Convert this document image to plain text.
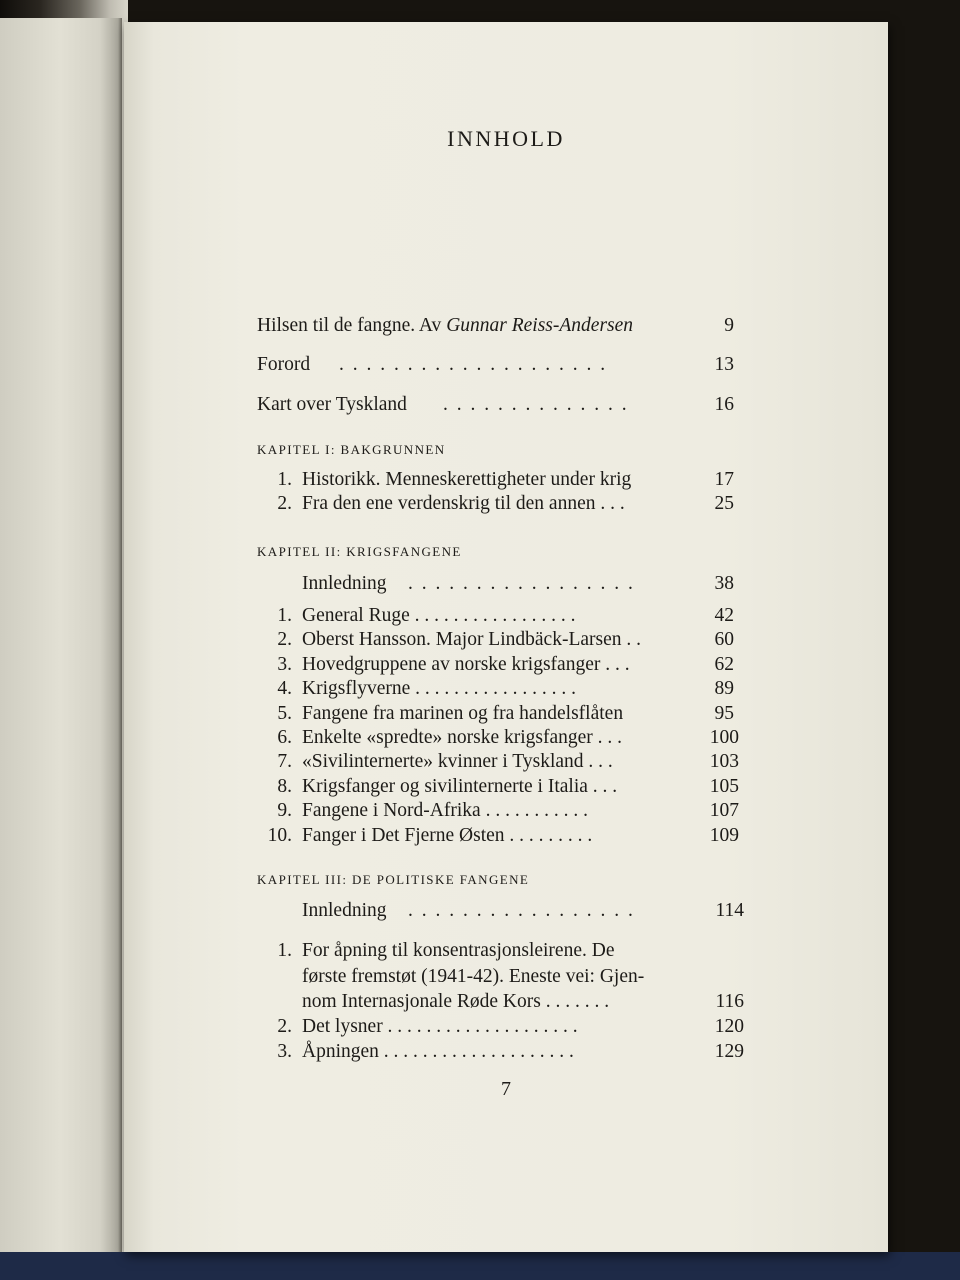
INNHOLD
Hilsen til de fangne. Av Gunnar Reiss-Andersen	9
Forord . . . . . . . . . . . . . . . . . . . .	13
Kart over Tyskland . . . . . . . . . . . . . .	16
KAPITEL I: BAKGRUNNEN
1. Historikk. Menneskerettigheter under krig	17
2. Fra den ene verdenskrig til den annen . . .	25
KAPITEL II: KRIGSFANGENE
Innledning . . . . . . . . . . . . . . . . .	38
1. General Ruge . . . . . . . . . . . . . . . . .	42
2. Oberst Hansson. Major Lindbäck-Larsen . .	60
3. Hovedgruppene av norske krigsfanger . . .	62
4. Krigsflyverne . . . . . . . . . . . . . . . . .	89
5. Fangene fra marinen og fra handelsflåten	95
6. Enkelte «spredte» norske krigsfanger . . .	100
7. «Sivilinternerte» kvinner i Tyskland . . .	103
8. Krigsfanger og sivilinternerte i Italia . . .	105
9. Fangene i Nord-Afrika . . . . . . . . . . .	107
10. Fanger i Det Fjerne Østen . . . . . . . . .	109
KAPITEL III: DE POLITISKE FANGENE
Innledning . . . . . . . . . . . . . . . . .	114
1. For åpning til konsentrasjonsleirene. De
første fremstøt (1941-42). Eneste vei: Gjen-
nom Internasjonale Røde Kors . . . . . . .	116
2. Det lysner . . . . . . . . . . . . . . . . . . . .	120
3. Åpningen . . . . . . . . . . . . . . . . . . . .	129
7
